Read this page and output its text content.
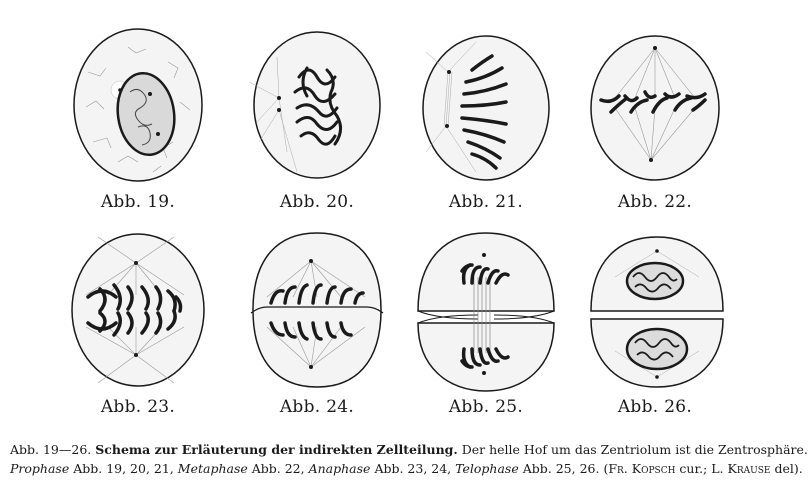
Abb. 19.	Abb. 20.	Abb. 21.	Abb. 22.
Abb. 23.	Abb. 24.	Abb. 25.	Abb. 26.
Abb. 19—26. Schema zur Erläuterung der indirekten Zellteilung. Der helle Hof um das Zentriolum ist die Zentrosphäre.
Prophase Abb. 19, 20, 21, Metaphase Abb. 22, Anaphase Abb. 23, 24, Telophase Abb. 25, 26. (Fr. Kopsch cur.; L. Krause del).
